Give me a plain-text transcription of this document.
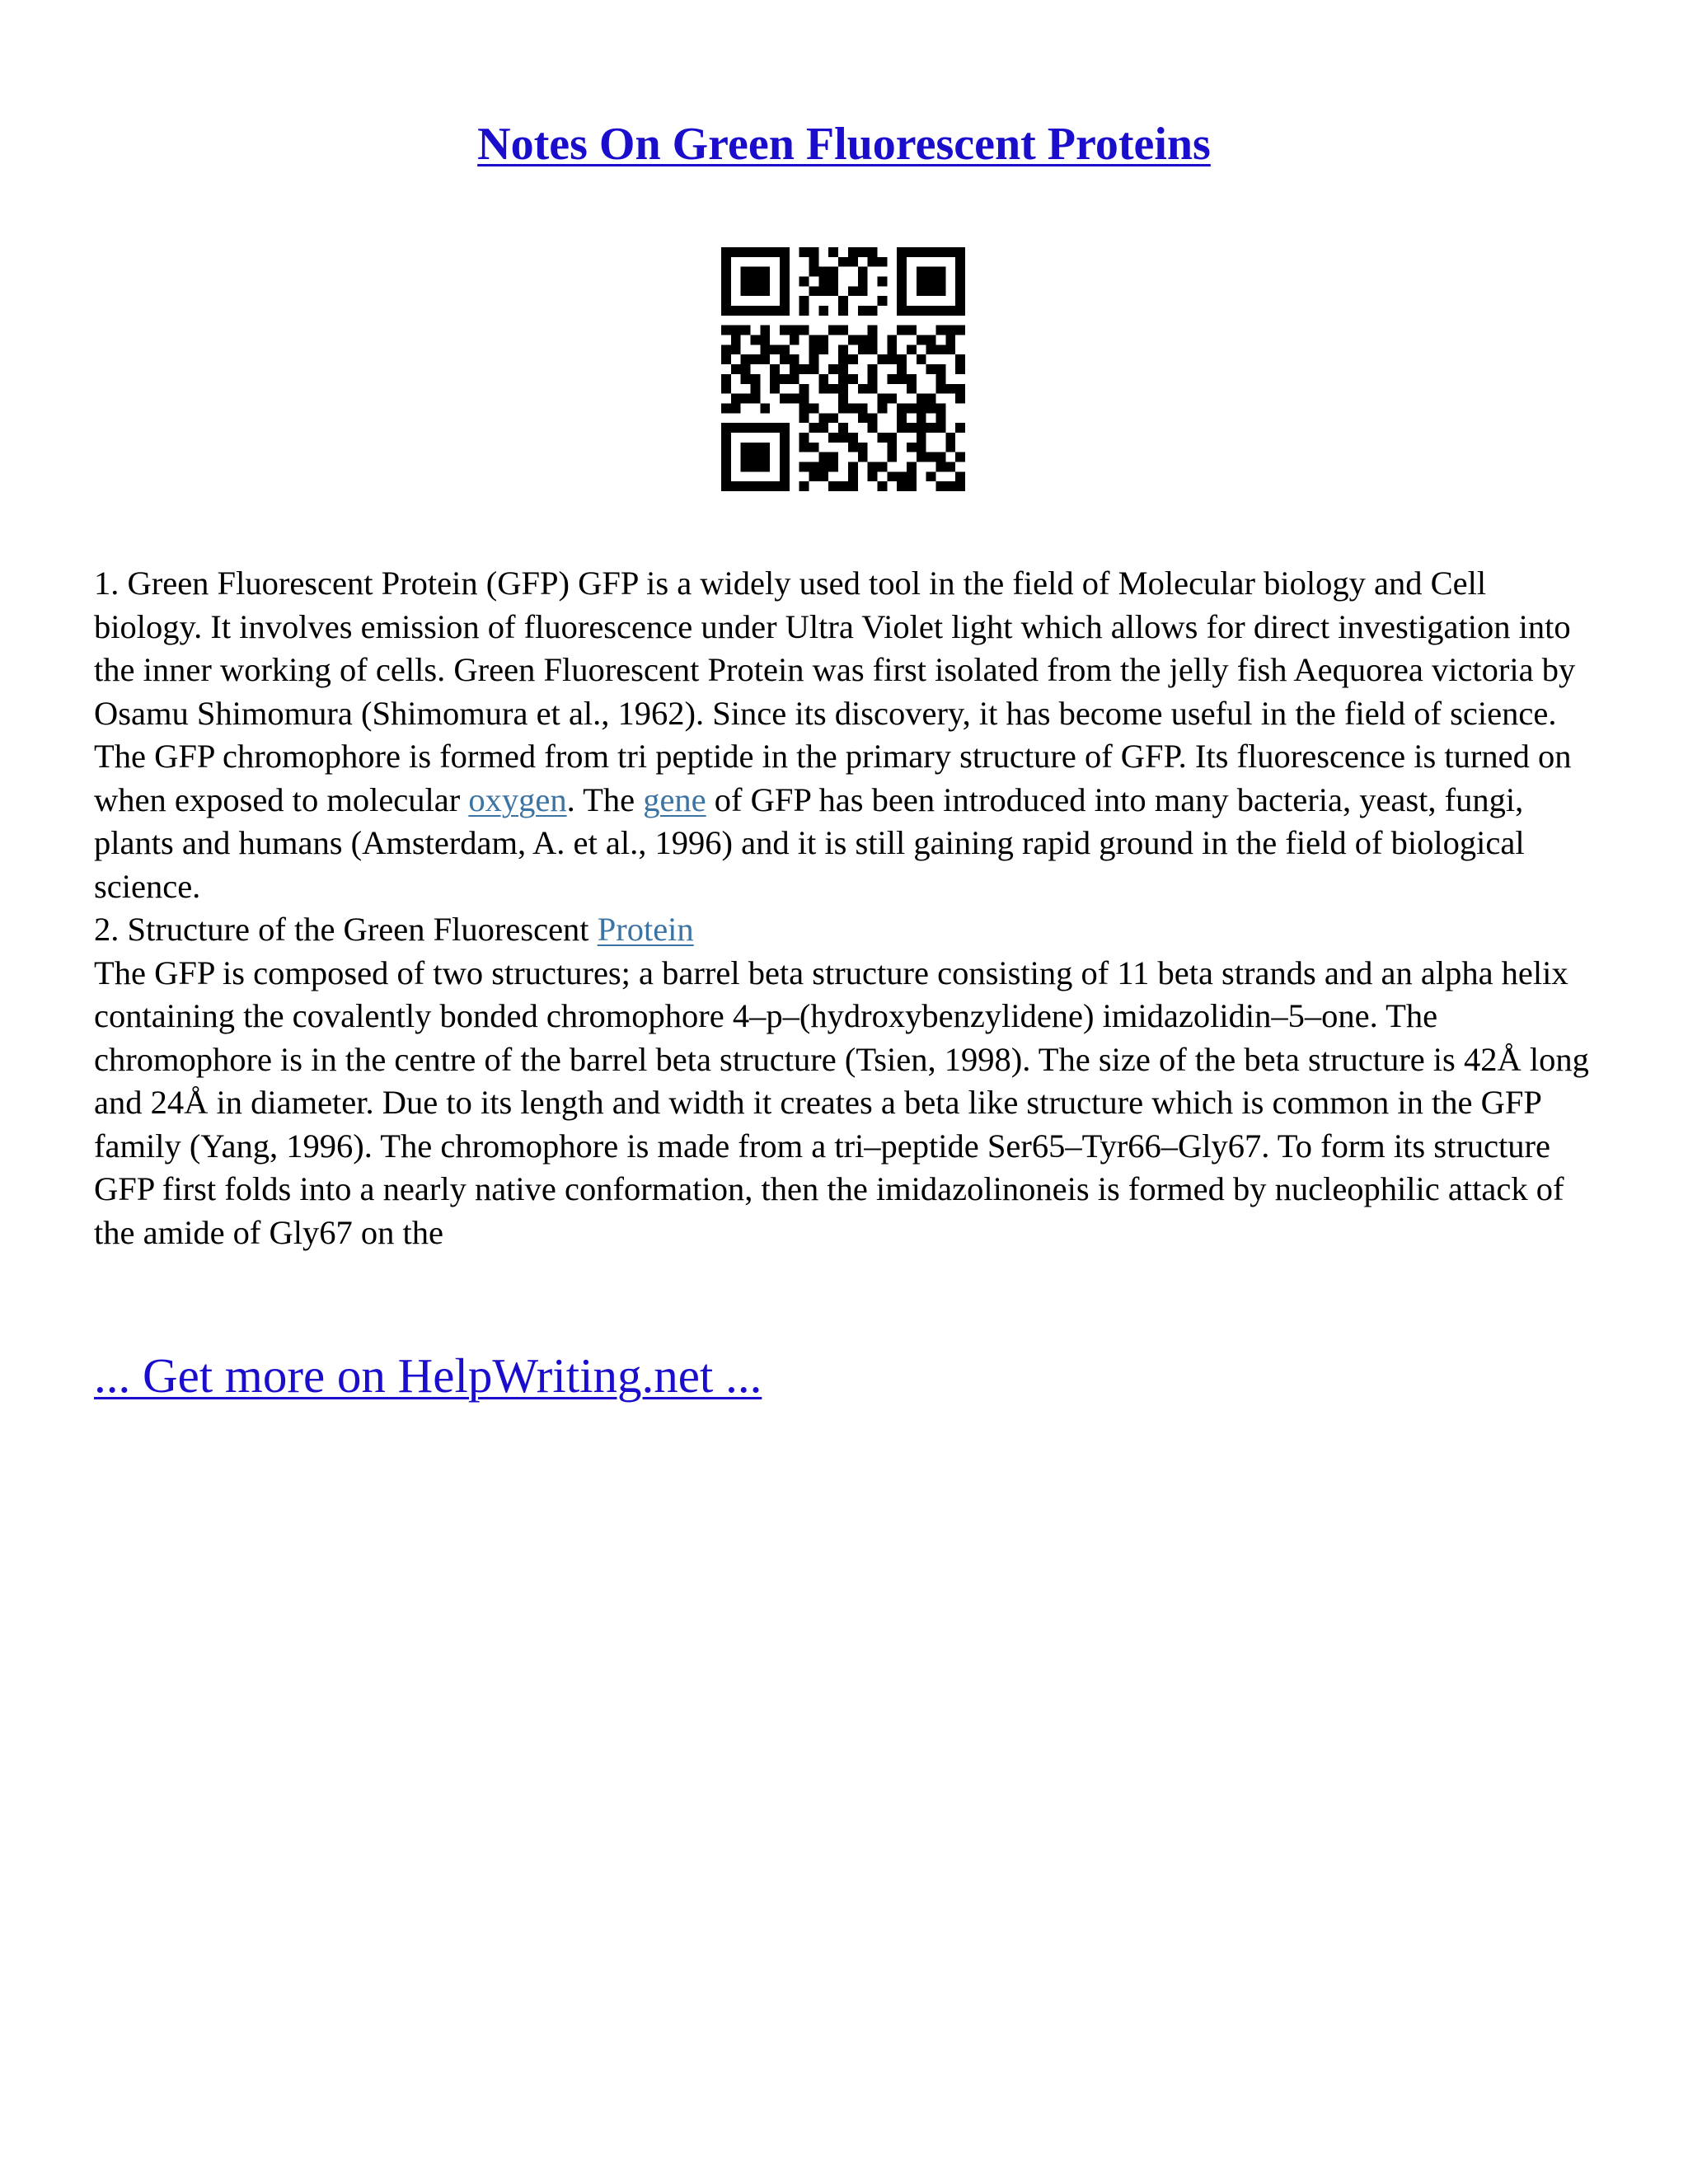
Notes On Green Fluorescent Proteins

1. Green Fluorescent Protein (GFP) GFP is a widely used tool in the field of Molecular biology and Cell biology. It involves emission of fluorescence under Ultra Violet light which allows for direct investigation into the inner working of cells. Green Fluorescent Protein was first isolated from the jelly fish Aequorea victoria by Osamu Shimomura (Shimomura et al., 1962). Since its discovery, it has become useful in the field of science. The GFP chromophore is formed from tri peptide in the primary structure of GFP. Its fluorescence is turned on when exposed to molecular oxygen. The gene of GFP has been introduced into many bacteria, yeast, fungi, plants and humans (Amsterdam, A. et al., 1996) and it is still gaining rapid ground in the field of biological science.

2. Structure of the Green Fluorescent Protein

The GFP is composed of two structures; a barrel beta structure consisting of 11 beta strands and an alpha helix containing the covalently bonded chromophore 4–p–(hydroxybenzylidene) imidazolidin–5–one. The chromophore is in the centre of the barrel beta structure (Tsien, 1998). The size of the beta structure is 42Å long and 24Å in diameter. Due to its length and width it creates a beta like structure which is common in the GFP family (Yang, 1996). The chromophore is made from a tri–peptide Ser65–Tyr66–Gly67. To form its structure GFP first folds into a nearly native conformation, then the imidazolinoneis is formed by nucleophilic attack of the amide of Gly67 on the

... Get more on HelpWriting.net ...
